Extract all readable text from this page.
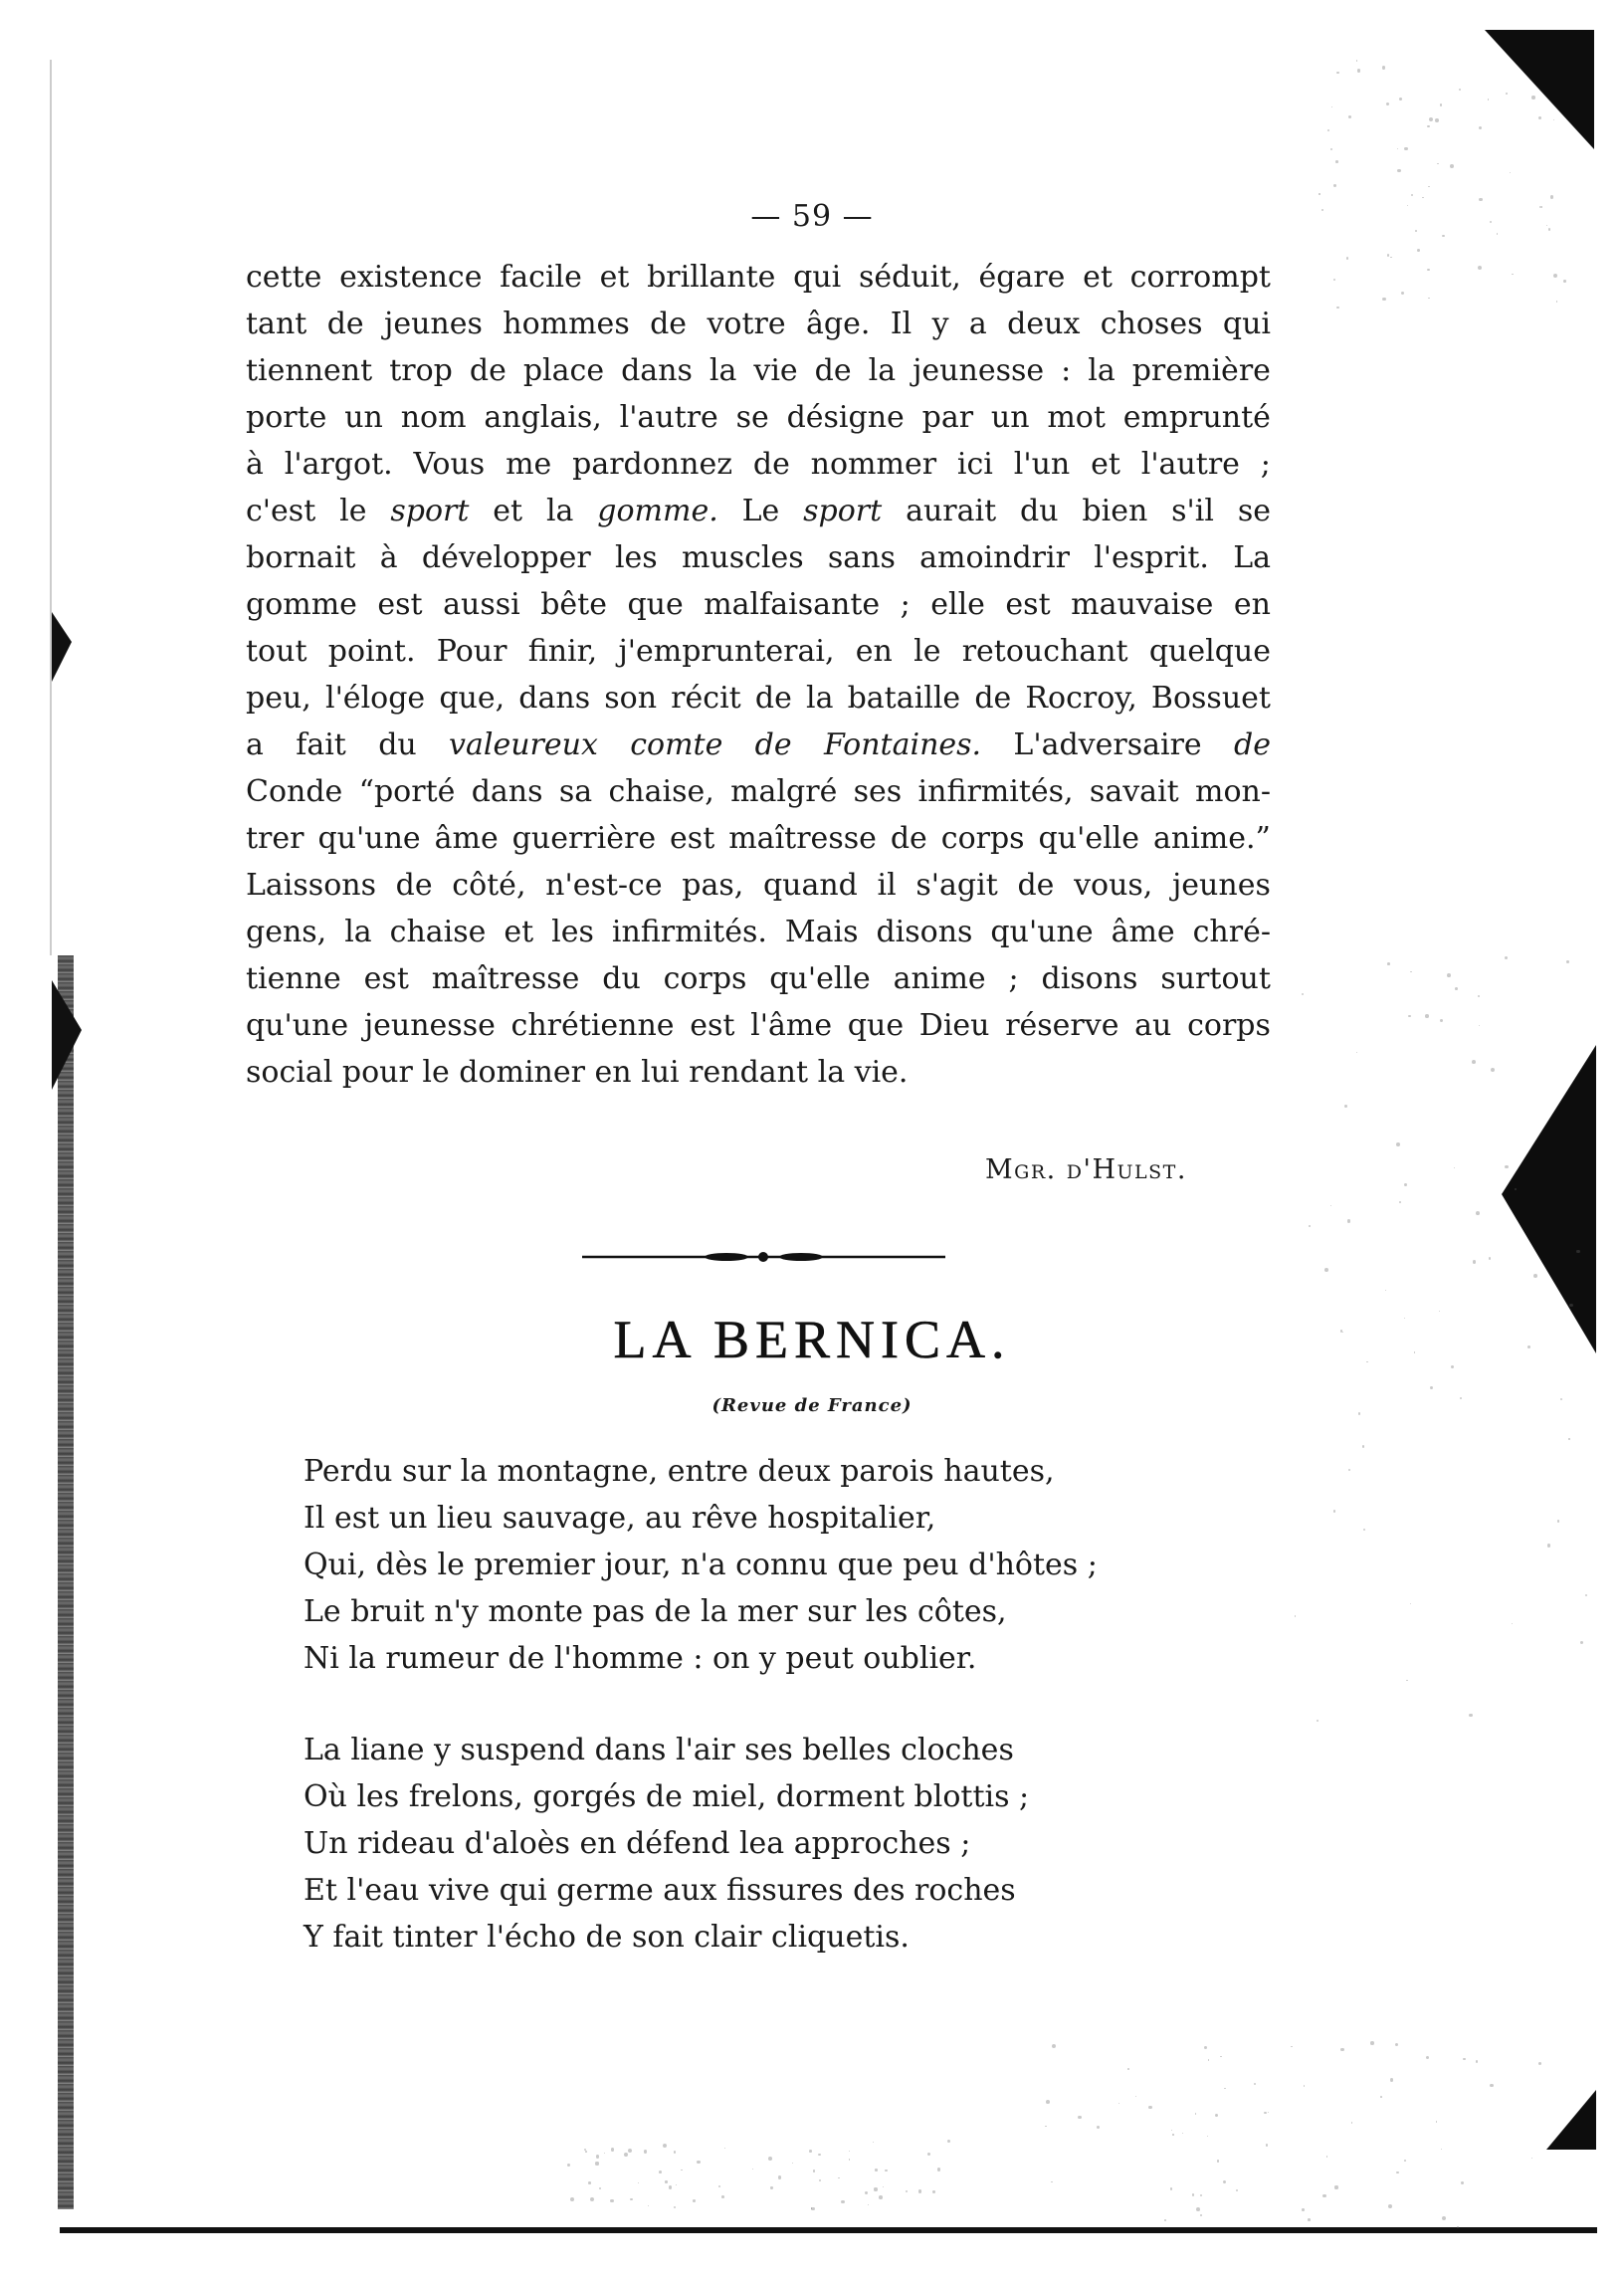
— 59 —
cette existence facile et brillante qui séduit, égare et corrompt
tant de jeunes hommes de votre âge. Il y a deux choses qui
tiennent trop de place dans la vie de la jeunesse : la première
porte un nom anglais, l'autre se désigne par un mot emprunté
à l'argot. Vous me pardonnez de nommer ici l'un et l'autre ;
c'est le sport et la gomme. Le sport aurait du bien s'il se
bornait à développer les muscles sans amoindrir l'esprit. La
gomme est aussi bête que malfaisante ; elle est mauvaise en
tout point. Pour finir, j'emprunterai, en le retouchant quelque
peu, l'éloge que, dans son récit de la bataille de Rocroy, Bossuet
a fait du valeureux comte de Fontaines. L'adversaire de
Conde “porté dans sa chaise, malgré ses infirmités, savait mon-
trer qu'une âme guerrière est maîtresse de corps qu'elle anime.”
Laissons de côté, n'est-ce pas, quand il s'agit de vous, jeunes
gens, la chaise et les infirmités. Mais disons qu'une âme chré-
tienne est maîtresse du corps qu'elle anime ; disons surtout
qu'une jeunesse chrétienne est l'âme que Dieu réserve au corps
social pour le dominer en lui rendant la vie.
Mgr. d'Hulst.
LA BERNICA.
(Revue de France)
Perdu sur la montagne, entre deux parois hautes,
Il est un lieu sauvage, au rêve hospitalier,
Qui, dès le premier jour, n'a connu que peu d'hôtes ;
Le bruit n'y monte pas de la mer sur les côtes,
Ni la rumeur de l'homme : on y peut oublier.
La liane y suspend dans l'air ses belles cloches
Où les frelons, gorgés de miel, dorment blottis ;
Un rideau d'aloès en défend lea approches ;
Et l'eau vive qui germe aux fissures des roches
Y fait tinter l'écho de son clair cliquetis.
